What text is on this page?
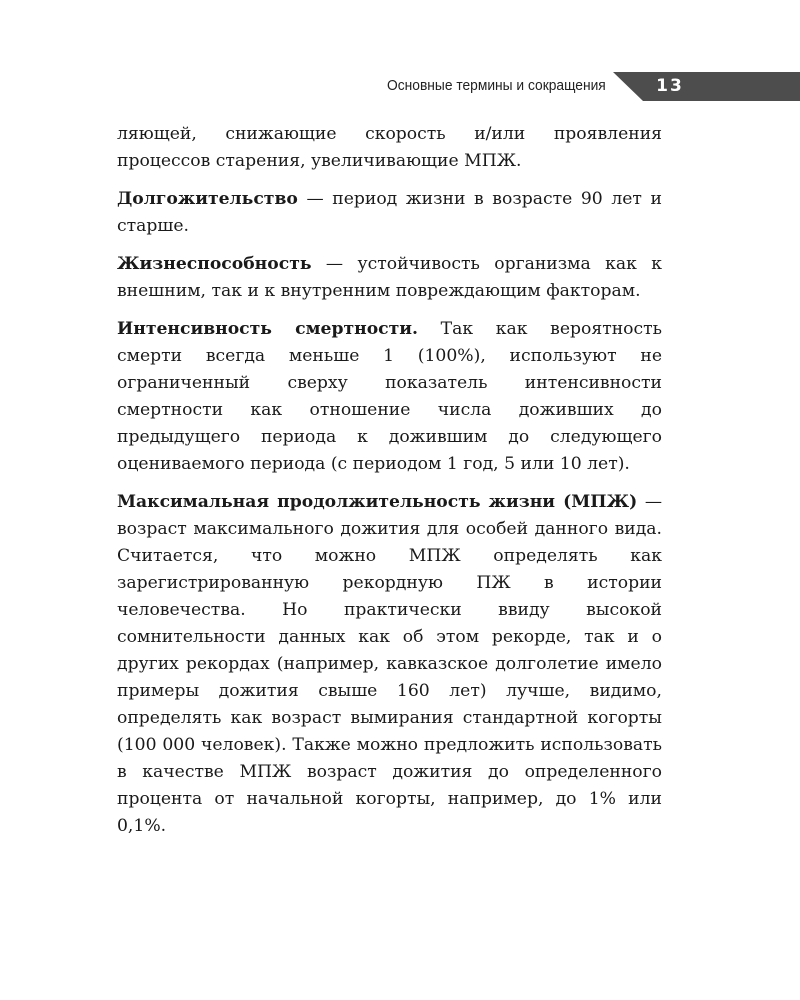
Основные термины и сокращения	13

ляющей, снижающие скорость и/или проявления процессов старения, увеличивающие МПЖ.

Долгожительство — период жизни в возрасте 90 лет и старше.

Жизнеспособность — устойчивость организма как к внешним, так и к внутренним повреждающим факторам.

Интенсивность смертности. Так как вероятность смерти всегда меньше 1 (100%), используют не ограниченный сверху показатель интенсивности смертности как отношение числа доживших до предыдущего периода к дожившим до следующего оцениваемого периода (с периодом 1 год, 5 или 10 лет).

Максимальная продолжительность жизни (МПЖ) — возраст максимального дожития для особей данного вида. Считается, что можно МПЖ определять как зарегистрированную рекордную ПЖ в истории человечества. Но практически ввиду высокой сомнительности данных как об этом рекорде, так и о других рекордах (например, кавказское долголетие имело примеры дожития свыше 160 лет) лучше, видимо, определять как возраст вымирания стандартной когорты (100 000 человек). Также можно предложить использовать в качестве МПЖ возраст дожития до определенного процента от начальной когорты, например, до 1% или 0,1%.
